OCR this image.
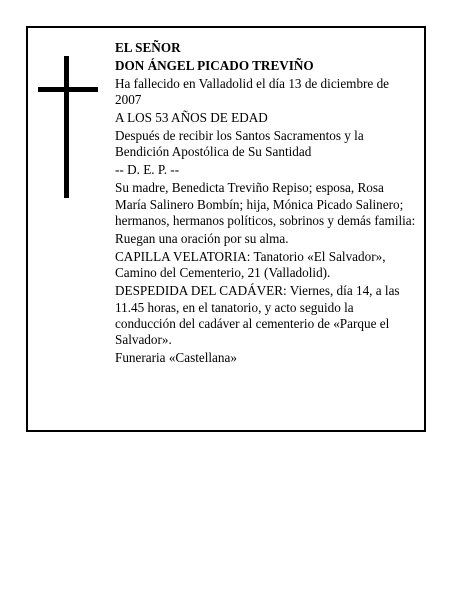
EL SEÑOR

DON ÁNGEL PICADO TREVIÑO

Ha fallecido en Valladolid el día 13 de diciembre de 2007

A LOS 53 AÑOS DE EDAD

Después de recibir los Santos Sacramentos y la Bendición Apostólica de Su Santidad

-- D. E. P. --

Su madre, Benedicta Treviño Repiso; esposa, Rosa María Salinero Bombín; hija, Mónica Picado Salinero; hermanos, hermanos políticos, sobrinos y demás familia:

Ruegan una oración por su alma.

CAPILLA VELATORIA: Tanatorio «El Salvador», Camino del Cementerio, 21 (Valladolid).

DESPEDIDA DEL CADÁVER: Viernes, día 14, a las 11.45 horas, en el tanatorio, y acto seguido la conducción del cadáver al cementerio de «Parque el Salvador».

Funeraria «Castellana»
